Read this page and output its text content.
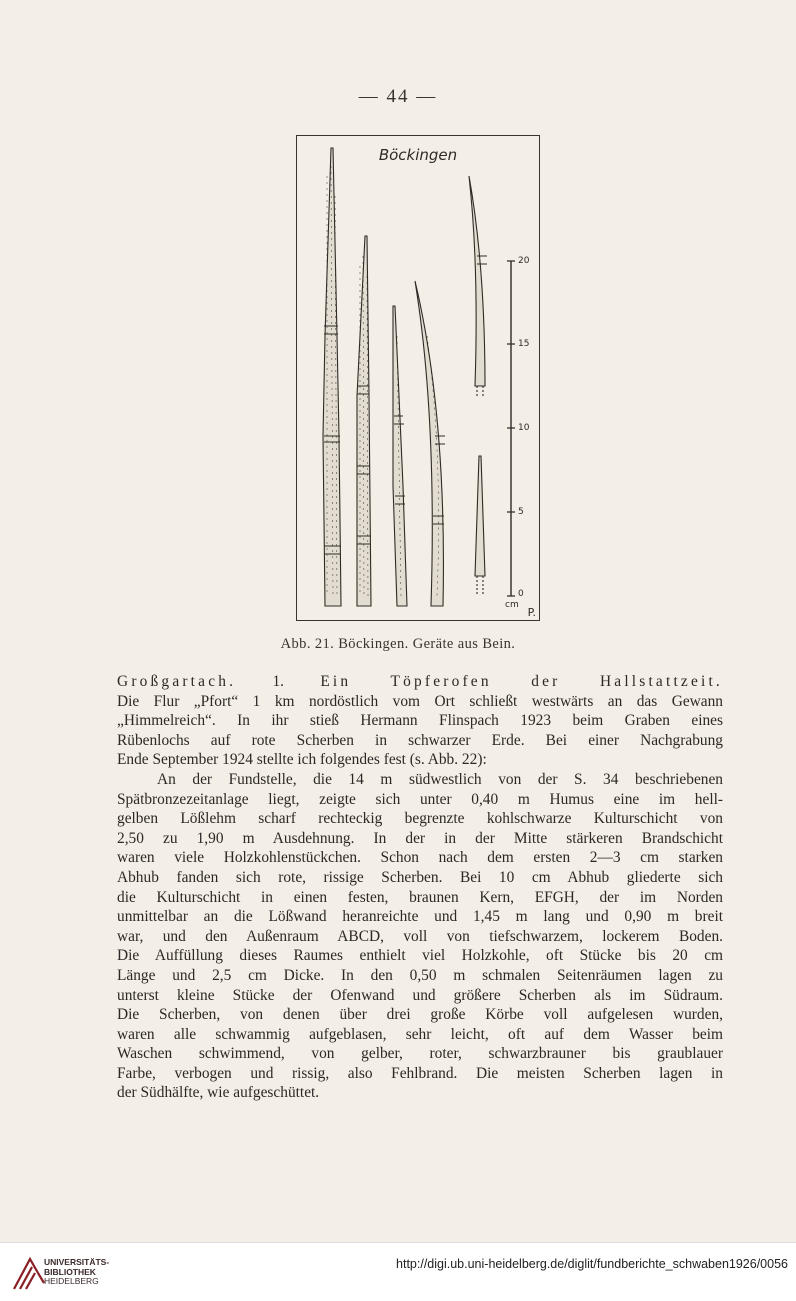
— 44 —
Böckingen
20
15
10
5
0
cm
P.
Abb. 21. Böckingen. Geräte aus Bein.

Großgartach. 1. Ein Töpferofen der Hallstattzeit.

Die Flur „Pfort“ 1 km nordöstlich vom Ort schließt westwärts an das Gewann

„Himmelreich“. In ihr stieß Hermann Flinspach 1923 beim Graben eines

Rübenlochs auf rote Scherben in schwarzer Erde. Bei einer Nachgrabung

Ende September 1924 stellte ich folgendes fest (s. Abb. 22):

An der Fundstelle, die 14 m südwestlich von der S. 34 beschriebenen

Spätbronzezeitanlage liegt, zeigte sich unter 0,40 m Humus eine im hell-

gelben Lößlehm scharf rechteckig begrenzte kohlschwarze Kulturschicht von

2,50 zu 1,90 m Ausdehnung. In der in der Mitte stärkeren Brandschicht

waren viele Holzkohlenstückchen. Schon nach dem ersten 2—3 cm starken

Abhub fanden sich rote, rissige Scherben. Bei 10 cm Abhub gliederte sich

die Kulturschicht in einen festen, braunen Kern, EFGH, der im Norden

unmittelbar an die Lößwand heranreichte und 1,45 m lang und 0,90 m breit

war, und den Außenraum ABCD, voll von tiefschwarzem, lockerem Boden.

Die Auffüllung dieses Raumes enthielt viel Holzkohle, oft Stücke bis 20 cm

Länge und 2,5 cm Dicke. In den 0,50 m schmalen Seitenräumen lagen zu

unterst kleine Stücke der Ofenwand und größere Scherben als im Südraum.

Die Scherben, von denen über drei große Körbe voll aufgelesen wurden,

waren alle schwammig aufgeblasen, sehr leicht, oft auf dem Wasser beim

Waschen schwimmend, von gelber, roter, schwarzbrauner bis graublauer

Farbe, verbogen und rissig, also Fehlbrand. Die meisten Scherben lagen in

der Südhälfte, wie aufgeschüttet.

UNIVERSITÄTS-
BIBLIOTHEK
HEIDELBERG
http://digi.ub.uni-heidelberg.de/diglit/fundberichte_schwaben1926/0056
